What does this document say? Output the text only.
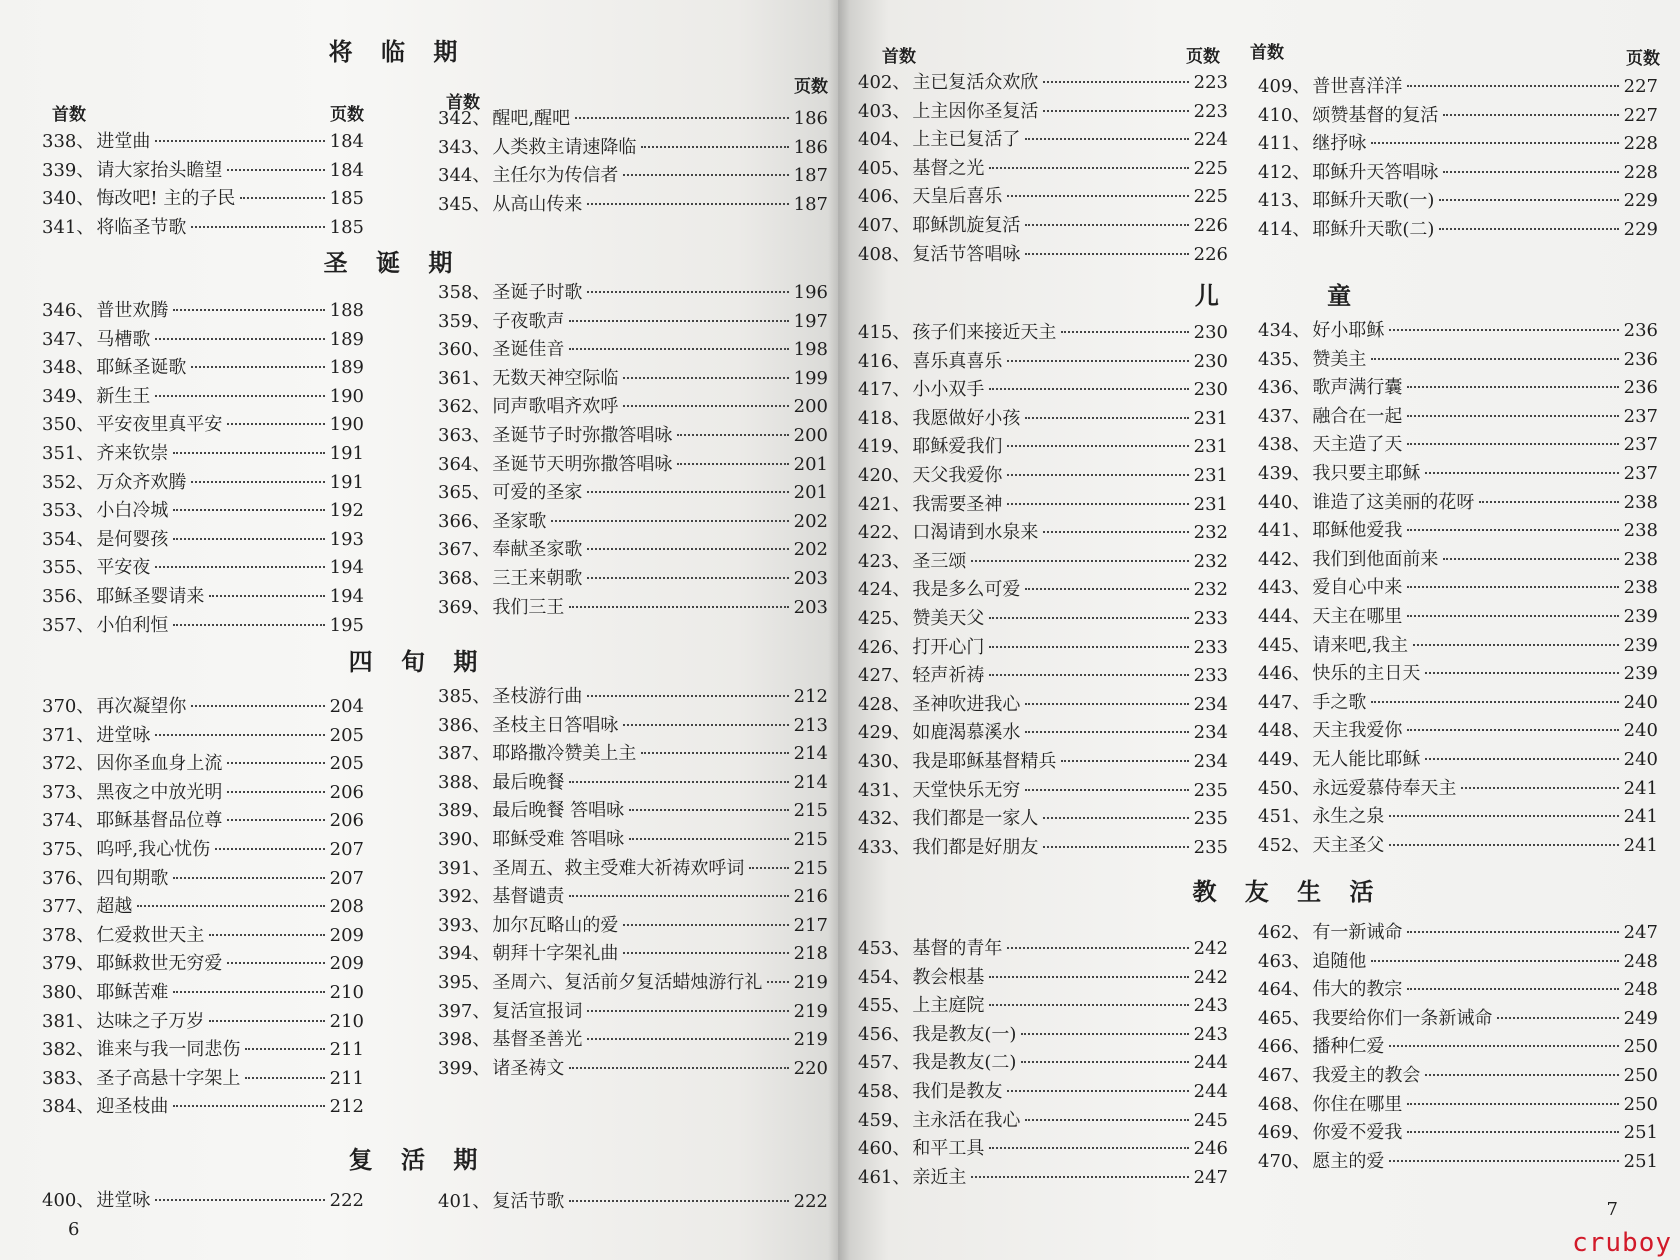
将 临 期
首数	页数
338、 进堂曲	184
339、 请大家抬头瞻望	184
340、 悔改吧! 主的子民	185
341、 将临圣节歌	185
圣 诞 期
346、 普世欢腾	188
347、 马槽歌	189
348、 耶稣圣诞歌	189
349、 新生王	190
350、 平安夜里真平安	190
351、 齐来钦崇	191
352、 万众齐欢腾	191
353、 小白冷城	192
354、 是何婴孩	193
355、 平安夜	194
356、 耶稣圣婴请来	194
357、 小伯利恒	195
四 旬 期
370、 再次凝望你	204
371、 进堂咏	205
372、 因你圣血身上流	205
373、 黑夜之中放光明	206
374、 耶稣基督品位尊	206
375、 呜呼,我心忧伤	207
376、 四旬期歌	207
377、 超越	208
378、 仁爱救世天主	209
379、 耶稣救世无穷爱	209
380、 耶稣苦难	210
381、 达味之子万岁	210
382、 谁来与我一同悲伤	211
383、 圣子高悬十字架上	211
384、 迎圣枝曲	212
复 活 期
400、 进堂咏	222
首数
页数
342、 醒吧,醒吧	186
343、 人类救主请速降临	186
344、 主任尔为传信者	187
345、 从高山传来	187
358、 圣诞子时歌	196
359、 子夜歌声	197
360、 圣诞佳音	198
361、 无数天神空际临	199
362、 同声歌唱齐欢呼	200
363、 圣诞节子时弥撒答唱咏	200
364、 圣诞节天明弥撒答唱咏	201
365、 可爱的圣家	201
366、 圣家歌	202
367、 奉献圣家歌	202
368、 三王来朝歌	203
369、 我们三王	203
385、 圣枝游行曲	212
386、 圣枝主日答唱咏	213
387、 耶路撒冷赞美上主	214
388、 最后晚餐	214
389、 最后晚餐 答唱咏	215
390、 耶稣受难 答唱咏	215
391、 圣周五、救主受难大祈祷欢呼词	215
392、 基督谴责	216
393、 加尔瓦略山的爱	217
394、 朝拜十字架礼曲	218
395、 圣周六、复活前夕复活蜡烛游行礼 219
397、 复活宣报词	219
398、 基督圣善光	219
399、 诸圣祷文	220
401、 复活节歌	222
6
首数	页数
402、 主已复活众欢欣	223
403、 上主因你圣复活	223
404、 上主已复活了	224
405、 基督之光	225
406、 天皇后喜乐	225
407、 耶稣凯旋复活	226
408、 复活节答唱咏	226
415、 孩子们来接近天主	230
416、 喜乐真喜乐	230
417、 小小双手	230
418、 我愿做好小孩	231
419、 耶稣爱我们	231
420、 天父我爱你	231
421、 我需要圣神	231
422、 口渴请到水泉来	232
423、 圣三颂	232
424、 我是多么可爱	232
425、 赞美天父	233
426、 打开心门	233
427、 轻声祈祷	233
428、 圣神吹进我心	234
429、 如鹿渴慕溪水	234
430、 我是耶稣基督精兵	234
431、 天堂快乐无穷	235
432、 我们都是一家人	235
433、 我们都是好朋友	235
453、 基督的青年	242
454、 教会根基	242
455、 上主庭院	243
456、 我是教友(一)	243
457、 我是教友(二)	244
458、 我们是教友	244
459、 主永活在我心	245
460、 和平工具	246
461、 亲近主	247
首数	页数
儿 童
409、 普世喜洋洋	227
410、 颂赞基督的复活	227
411、 继抒咏	228
412、 耶稣升天答唱咏	228
413、 耶稣升天歌(一)	229
414、 耶稣升天歌(二)	229
434、 好小耶稣	236
435、 赞美主	236
436、 歌声满行囊	236
437、 融合在一起	237
438、 天主造了天	237
439、 我只要主耶稣	237
440、 谁造了这美丽的花呀	238
441、 耶稣他爱我	238
442、 我们到他面前来	238
443、 爱自心中来	238
444、 天主在哪里	239
445、 请来吧,我主	239
446、 快乐的主日天	239
447、 手之歌	240
448、 天主我爱你	240
449、 无人能比耶稣	240
450、 永远爱慕侍奉天主	241
451、 永生之泉	241
452、 天主圣父	241
教 友 生 活
462、 有一新诫命	247
463、 追随他	248
464、 伟大的教宗	248
465、 我要给你们一条新诫命	249
466、 播种仁爱	250
467、 我爱主的教会	250
468、 你住在哪里	250
469、 你爱不爱我	251
470、 愿主的爱	251
7
cruboy
